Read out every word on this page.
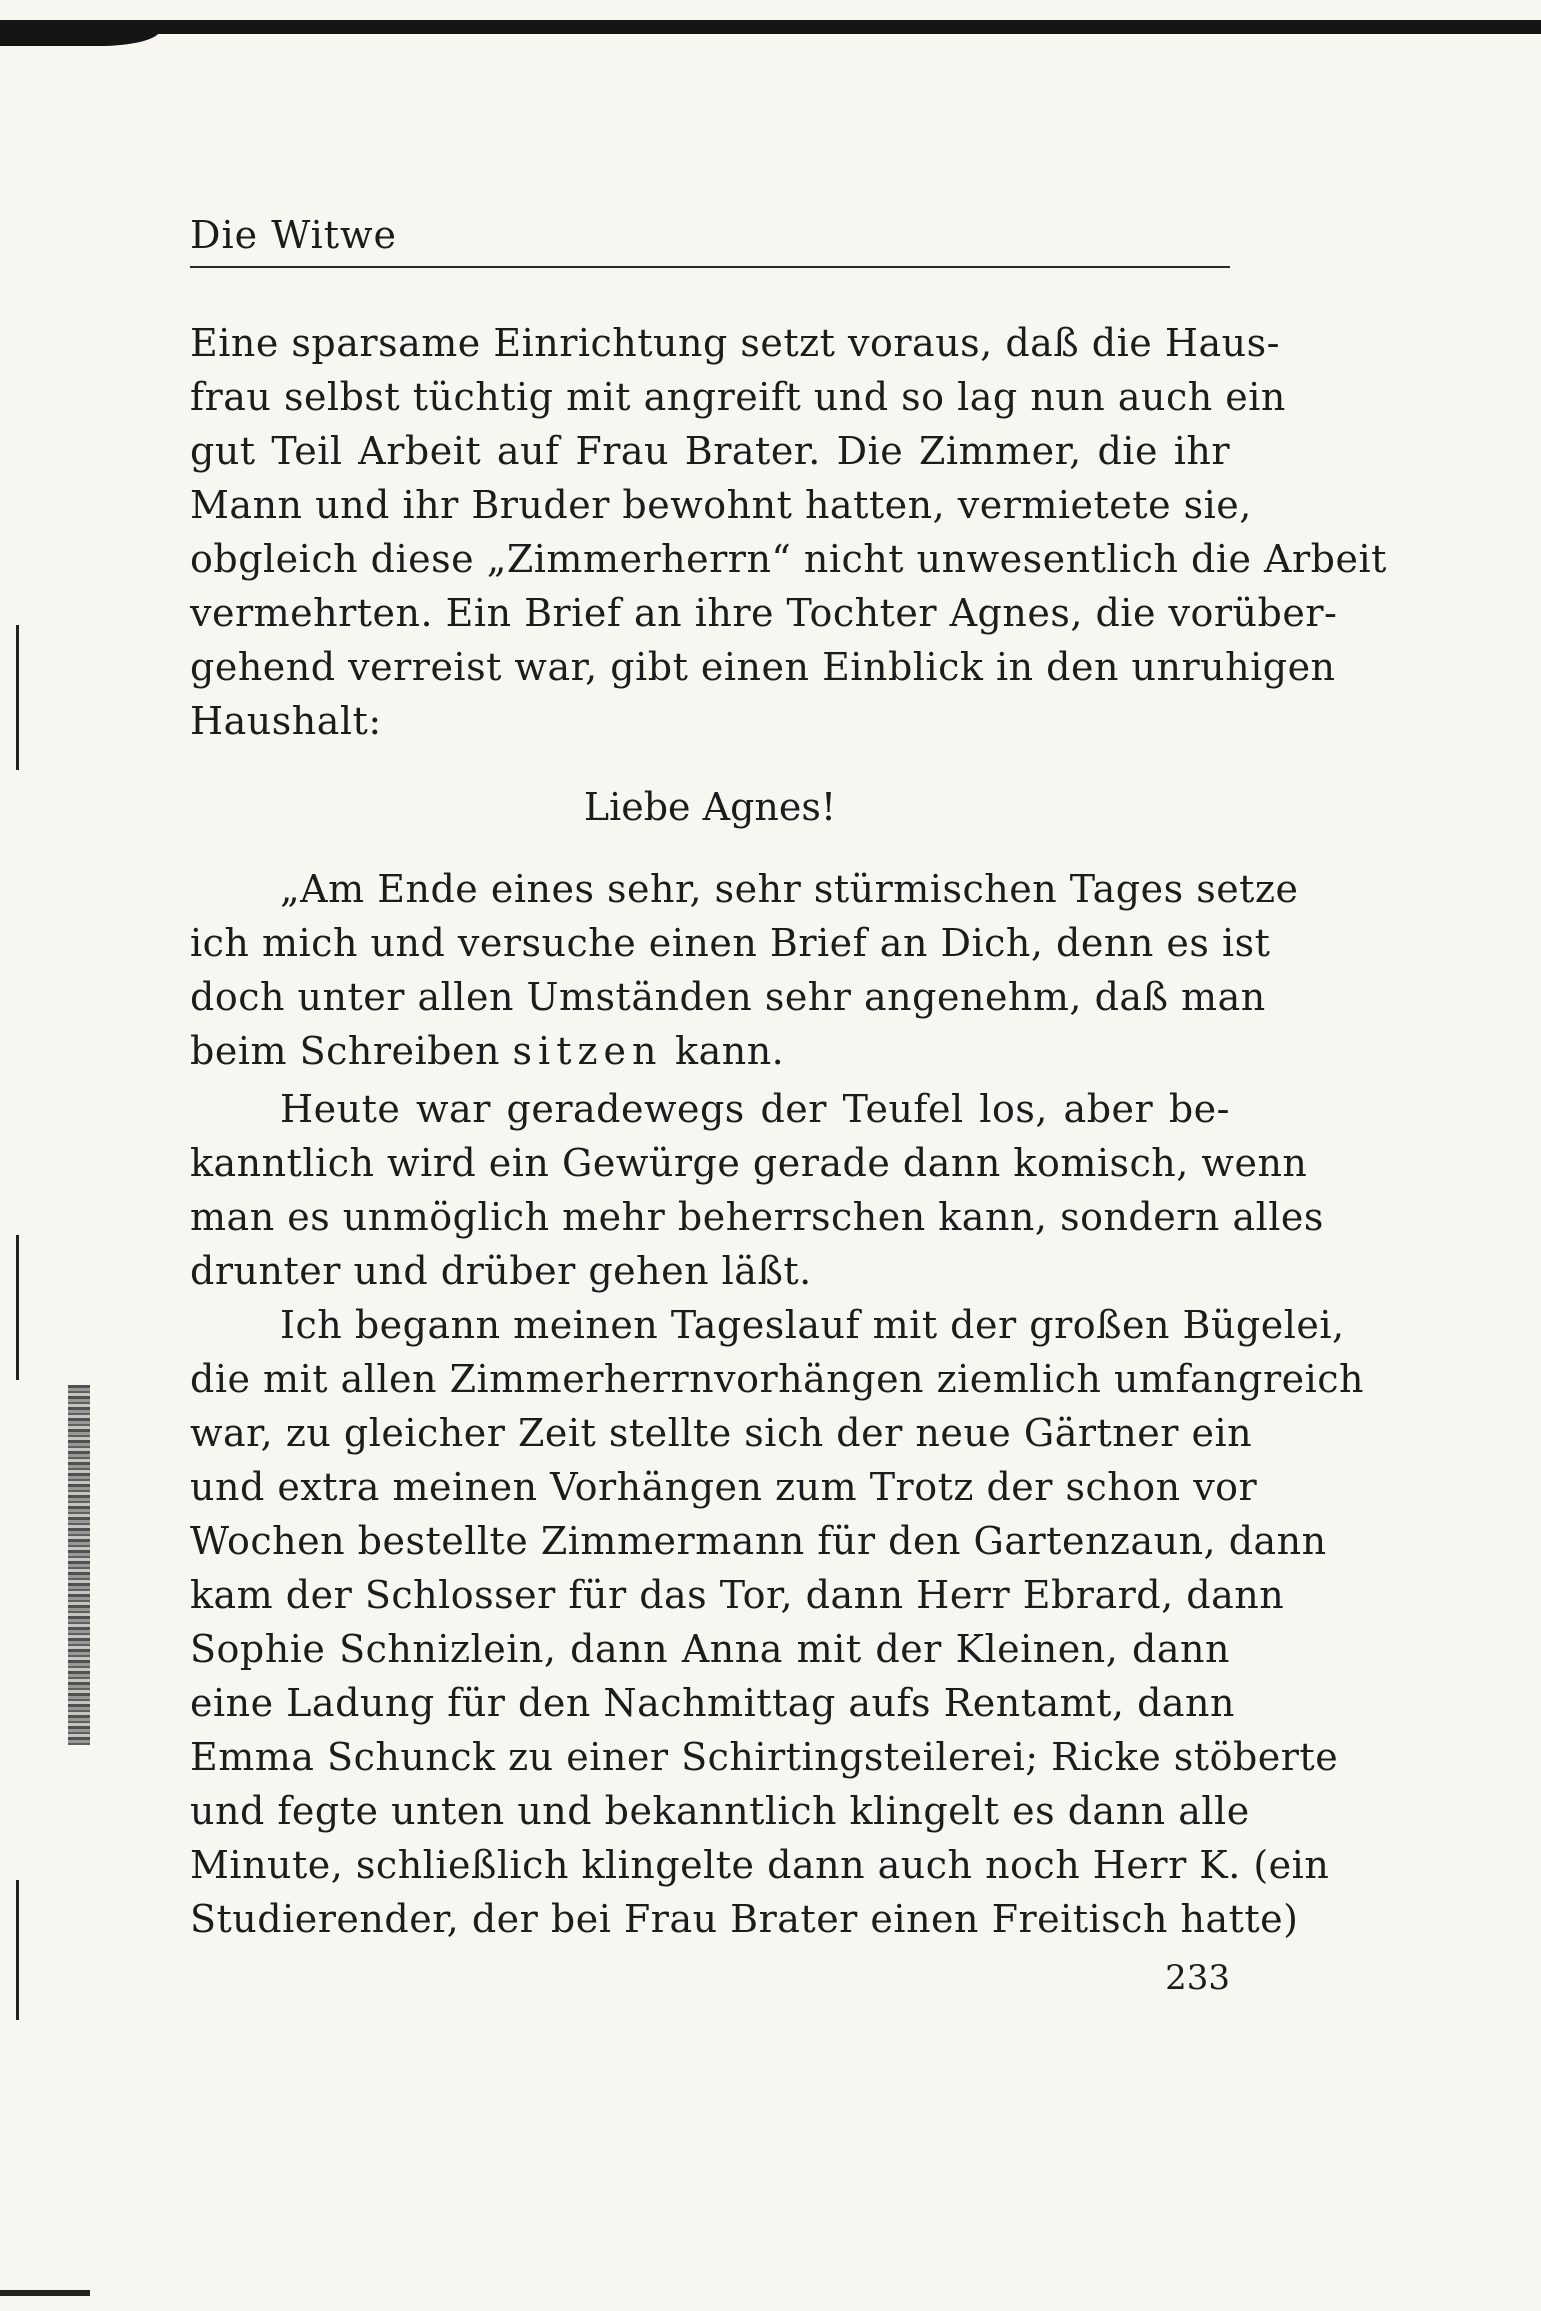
Die Witwe
Eine sparsame Einrichtung setzt voraus, daß die Haus-
frau selbst tüchtig mit angreift und so lag nun auch ein
gut Teil Arbeit auf Frau Brater. Die Zimmer, die ihr
Mann und ihr Bruder bewohnt hatten, vermietete sie,
obgleich diese „Zimmerherrn“ nicht unwesentlich die Arbeit
vermehrten. Ein Brief an ihre Tochter Agnes, die vorüber-
gehend verreist war, gibt einen Einblick in den unruhigen
Haushalt:
Liebe Agnes!
„Am Ende eines sehr, sehr stürmischen Tages setze
ich mich und versuche einen Brief an Dich, denn es ist
doch unter allen Umständen sehr angenehm, daß man
beim Schreiben sitzen kann.
Heute war geradewegs der Teufel los, aber be-
kanntlich wird ein Gewürge gerade dann komisch, wenn
man es unmöglich mehr beherrschen kann, sondern alles
drunter und drüber gehen läßt.
Ich begann meinen Tageslauf mit der großen Bügelei,
die mit allen Zimmerherrnvorhängen ziemlich umfangreich
war, zu gleicher Zeit stellte sich der neue Gärtner ein
und extra meinen Vorhängen zum Trotz der schon vor
Wochen bestellte Zimmermann für den Gartenzaun, dann
kam der Schlosser für das Tor, dann Herr Ebrard, dann
Sophie Schnizlein, dann Anna mit der Kleinen, dann
eine Ladung für den Nachmittag aufs Rentamt, dann
Emma Schunck zu einer Schirtingsteilerei; Ricke stöberte
und fegte unten und bekanntlich klingelt es dann alle
Minute, schließlich klingelte dann auch noch Herr K. (ein
Studierender, der bei Frau Brater einen Freitisch hatte)
233
